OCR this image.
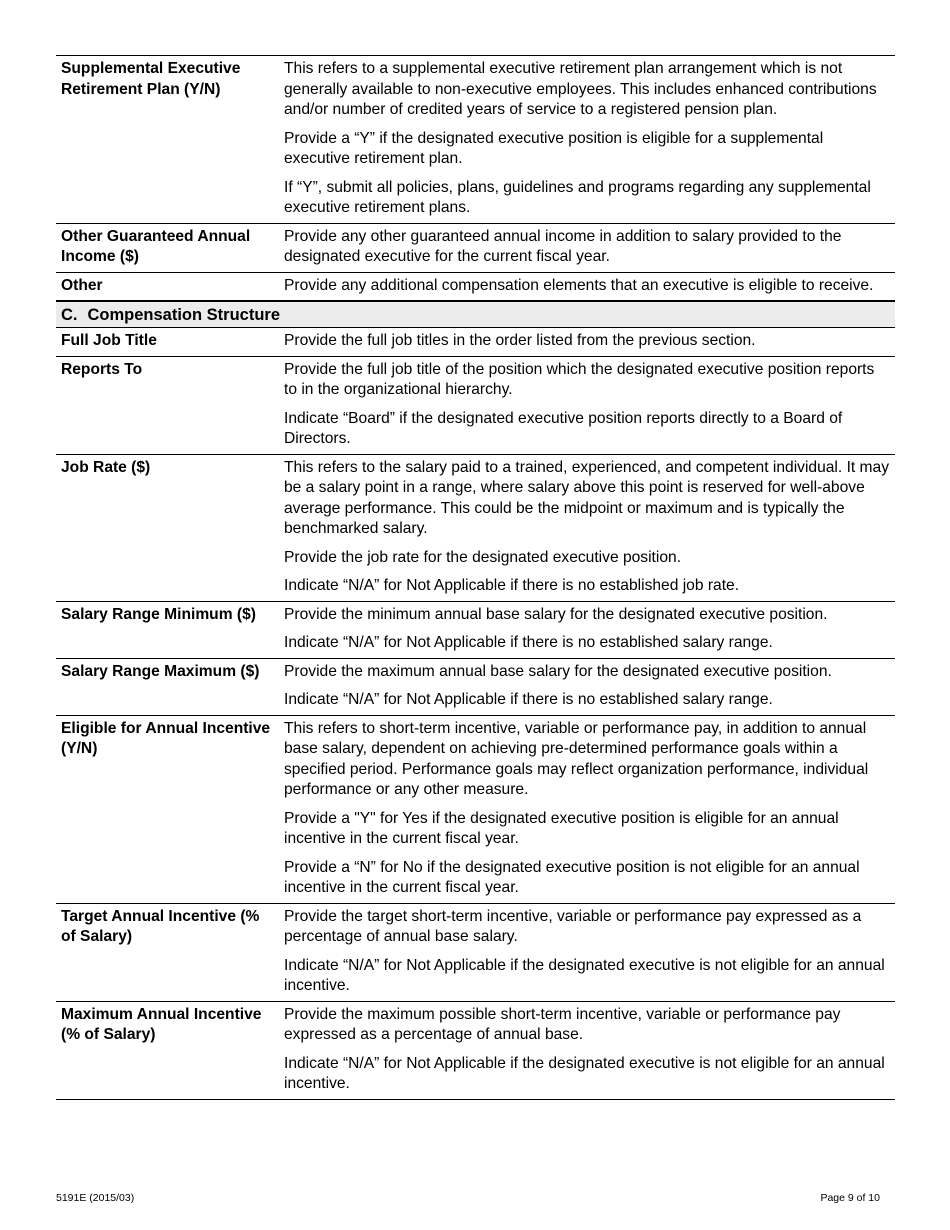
Supplemental Executive Retirement Plan (Y/N)	This refers to a supplemental executive retirement plan arrangement which is not generally available to non-executive employees. This includes enhanced contributions and/or number of credited years of service to a registered pension plan.

Provide a “Y” if the designated executive position is eligible for a supplemental executive retirement plan.

If “Y”, submit all policies, plans, guidelines and programs regarding any supplemental executive retirement plans.

Other Guaranteed Annual Income ($)	Provide any other guaranteed annual income in addition to salary provided to the designated executive for the current fiscal year.

Other	Provide any additional compensation elements that an executive is eligible to receive.

C. Compensation Structure	
Full Job Title	Provide the full job titles in the order listed from the previous section.

Reports To	Provide the full job title of the position which the designated executive position reports to in the organizational hierarchy.

Indicate “Board” if the designated executive position reports directly to a Board of Directors.

Job Rate ($)	This refers to the salary paid to a trained, experienced, and competent individual. It may be a salary point in a range, where salary above this point is reserved for well-above average performance. This could be the midpoint or maximum and is typically the benchmarked salary.

Provide the job rate for the designated executive position.

Indicate “N/A” for Not Applicable if there is no established job rate.

Salary Range Minimum ($)	Provide the minimum annual base salary for the designated executive position.

Indicate “N/A” for Not Applicable if there is no established salary range.

Salary Range Maximum ($)	Provide the maximum annual base salary for the designated executive position.

Indicate “N/A” for Not Applicable if there is no established salary range.

Eligible for Annual Incentive (Y/N)	This refers to short-term incentive, variable or performance pay, in addition to annual base salary, dependent on achieving pre-determined performance goals within a specified period. Performance goals may reflect organization performance, individual performance or any other measure.

Provide a "Y" for Yes if the designated executive position is eligible for an annual incentive in the current fiscal year.

Provide a “N” for No if the designated executive position is not eligible for an annual incentive in the current fiscal year.

Target Annual Incentive (% of Salary)	Provide the target short-term incentive, variable or performance pay expressed as a percentage of annual base salary.

Indicate “N/A” for Not Applicable if the designated executive is not eligible for an annual incentive.

Maximum Annual Incentive (% of Salary)	Provide the maximum possible short-term incentive, variable or performance pay expressed as a percentage of annual base.

Indicate “N/A” for Not Applicable if the designated executive is not eligible for an annual incentive.

5191E (2015/03)	Page 9 of 10
